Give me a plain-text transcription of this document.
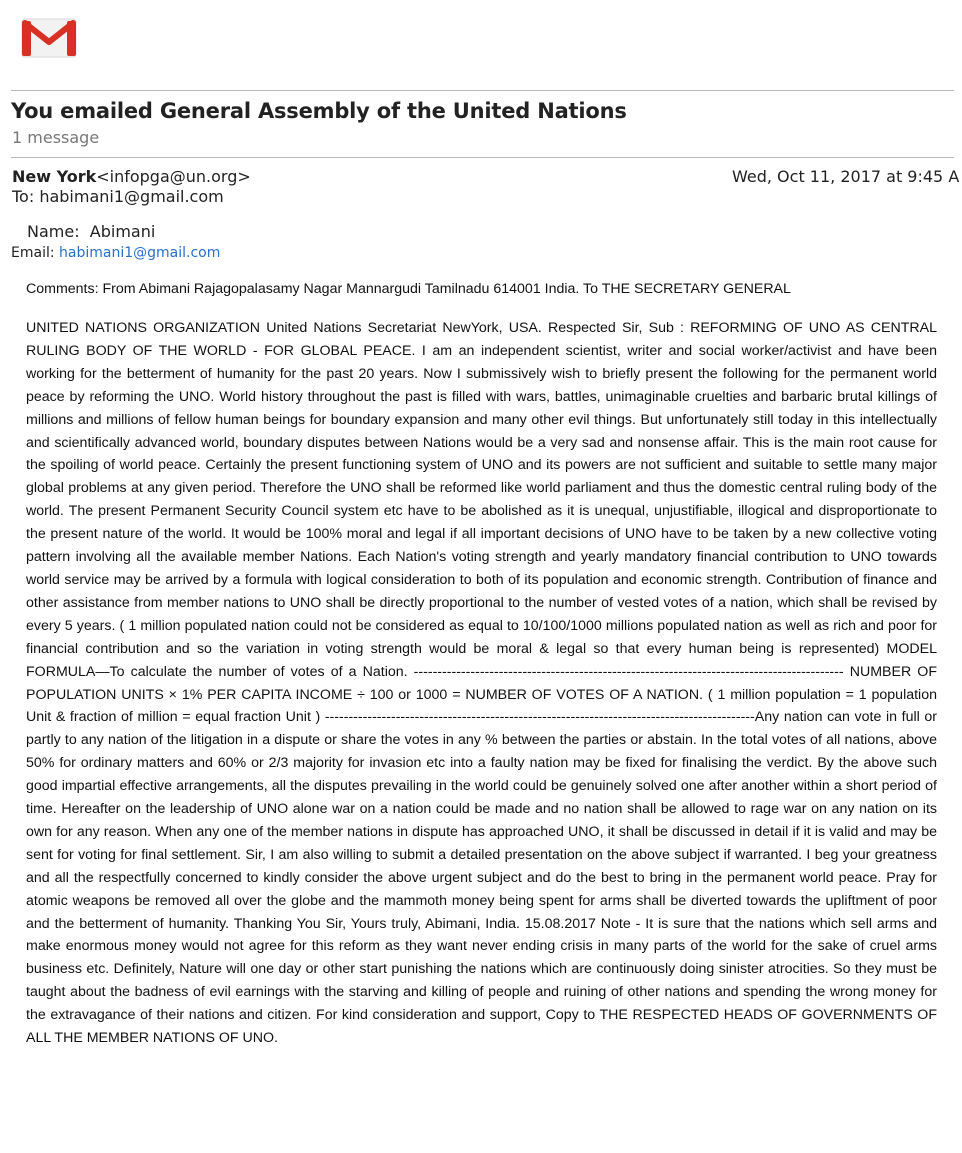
You emailed General Assembly of the United Nations
1 message
New York<infopga@un.org>	Wed, Oct 11, 2017 at 9:45 A
To: habimani1@gmail.com
Name: Abimani
Email: habimani1@gmail.com
Comments: From Abimani Rajagopalasamy Nagar Mannargudi Tamilnadu 614001 India. To THE SECRETARY GENERAL
UNITED NATIONS ORGANIZATION United Nations Secretariat NewYork, USA. Respected Sir, Sub : REFORMING OF UNO AS CENTRAL RULING BODY OF THE WORLD - FOR GLOBAL PEACE. I am an independent scientist, writer and social worker/activist and have been working for the betterment of humanity for the past 20 years. Now I submissively wish to briefly present the following for the permanent world peace by reforming the UNO. World history throughout the past is filled with wars, battles, unimaginable cruelties and barbaric brutal killings of millions and millions of fellow human beings for boundary expansion and many other evil things. But unfortunately still today in this intellectually and scientifically advanced world, boundary disputes between Nations would be a very sad and nonsense affair. This is the main root cause for the spoiling of world peace. Certainly the present functioning system of UNO and its powers are not sufficient and suitable to settle many major global problems at any given period. Therefore the UNO shall be reformed like world parliament and thus the domestic central ruling body of the world. The present Permanent Security Council system etc have to be abolished as it is unequal, unjustifiable, illogical and disproportionate to the present nature of the world. It would be 100% moral and legal if all important decisions of UNO have to be taken by a new collective voting pattern involving all the available member Nations. Each Nation's voting strength and yearly mandatory financial contribution to UNO towards world service may be arrived by a formula with logical consideration to both of its population and economic strength. Contribution of finance and other assistance from member nations to UNO shall be directly proportional to the number of vested votes of a nation, which shall be revised by every 5 years. ( 1 million populated nation could not be considered as equal to 10/100/1000 millions populated nation as well as rich and poor for financial contribution and so the variation in voting strength would be moral & legal so that every human being is represented) MODEL FORMULA—To calculate the number of votes of a Nation. ------------------------------------------------------------------------------------------- NUMBER OF POPULATION UNITS × 1% PER CAPITA INCOME ÷ 100 or 1000 = NUMBER OF VOTES OF A NATION. ( 1 million population = 1 population Unit & fraction of million = equal fraction Unit ) -------------------------------------------------------------------------------------------Any nation can vote in full or partly to any nation of the litigation in a dispute or share the votes in any % between the parties or abstain. In the total votes of all nations, above 50% for ordinary matters and 60% or 2/3 majority for invasion etc into a faulty nation may be fixed for finalising the verdict. By the above such good impartial effective arrangements, all the disputes prevailing in the world could be genuinely solved one after another within a short period of time. Hereafter on the leadership of UNO alone war on a nation could be made and no nation shall be allowed to rage war on any nation on its own for any reason. When any one of the member nations in dispute has approached UNO, it shall be discussed in detail if it is valid and may be sent for voting for final settlement. Sir, I am also willing to submit a detailed presentation on the above subject if warranted. I beg your greatness and all the respectfully concerned to kindly consider the above urgent subject and do the best to bring in the permanent world peace. Pray for atomic weapons be removed all over the globe and the mammoth money being spent for arms shall be diverted towards the upliftment of poor and the betterment of humanity. Thanking You Sir, Yours truly, Abimani, India. 15.08.2017 Note - It is sure that the nations which sell arms and make enormous money would not agree for this reform as they want never ending crisis in many parts of the world for the sake of cruel arms business etc. Definitely, Nature will one day or other start punishing the nations which are continuously doing sinister atrocities. So they must be taught about the badness of evil earnings with the starving and killing of people and ruining of other nations and spending the wrong money for the extravagance of their nations and citizen. For kind consideration and support, Copy to THE RESPECTED HEADS OF GOVERNMENTS OF ALL THE MEMBER NATIONS OF UNO.
